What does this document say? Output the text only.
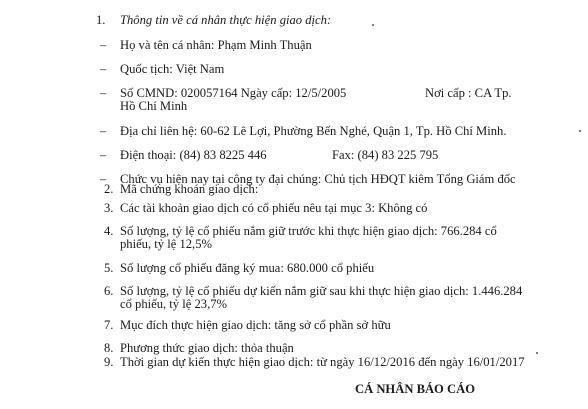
1. Thông tin về cá nhân thực hiện giao dịch:
– Họ và tên cá nhân: Phạm Minh Thuận
– Quốc tịch: Việt Nam
– Số CMND: 020057164 Ngày cấp: 12/5/2005	Nơi cấp : CA Tp.
Hồ Chí Minh
– Địa chỉ liên hệ: 60-62 Lê Lợi, Phường Bến Nghé, Quận 1, Tp. Hồ Chí Minh.
– Điện thoại: (84) 83 8225 446	Fax: (84) 83 225 795
– Chức vụ hiện nay tại công ty đại chúng: Chủ tịch HĐQT kiêm Tổng Giám đốc
2. Mã chứng khoán giao dịch:
3. Các tài khoản giao dịch có cổ phiếu nêu tại mục 3: Không có
4. Số lượng, tỷ lệ cổ phiếu nắm giữ trước khi thực hiện giao dịch: 766.284 cổ
phiếu, tỷ lệ 12,5%
5. Số lượng cổ phiếu đăng ký mua: 680.000 cổ phiếu
6. Số lượng, tỷ lệ cổ phiếu dự kiến nắm giữ sau khi thực hiện giao dịch: 1.446.284
cổ phiếu, tỷ lệ 23,7%
7. Mục đích thực hiện giao dịch: tăng sở cổ phần sở hữu
8. Phương thức giao dịch: thỏa thuận
9.
CÁ NHÂN BÁO CÁO
Thời gian dự kiến thực hiện giao dịch: từ ngày 16/12/2016 đến ngày 16/01/2017
